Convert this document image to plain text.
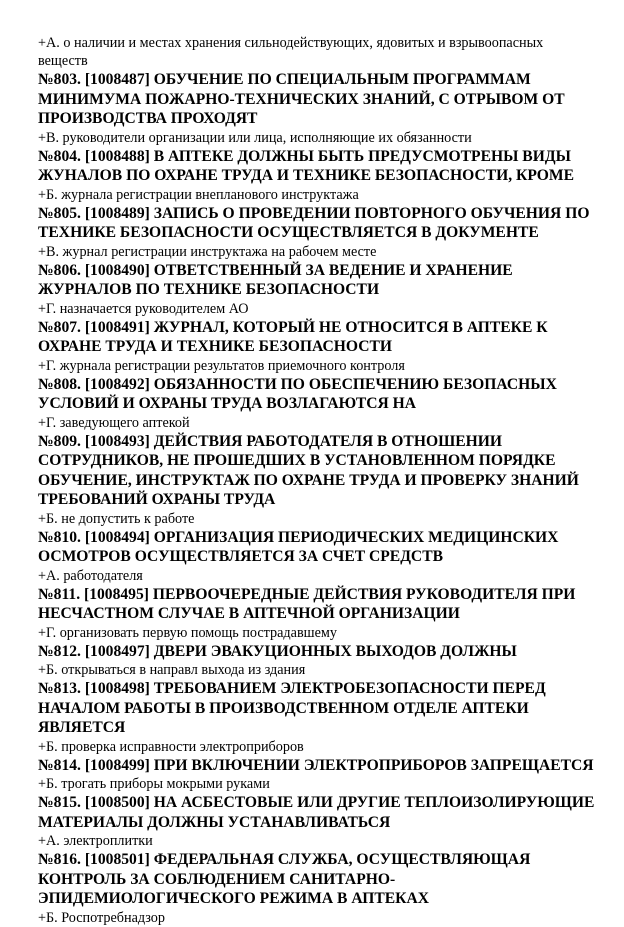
+А. о наличии и местах хранения сильнодействующих, ядовитых и взрывоопасных веществ

№803. [1008487] ОБУЧЕНИЕ ПО СПЕЦИАЛЬНЫМ ПРОГРАММАМ МИНИМУМА ПОЖАРНО-ТЕХНИЧЕСКИХ ЗНАНИЙ, С ОТРЫВОМ ОТ ПРОИЗВОДСТВА ПРОХОДЯТ

+В. руководители организации или лица, исполняющие их обязанности

№804. [1008488] В АПТЕКЕ ДОЛЖНЫ БЫТЬ ПРЕДУСМОТРЕНЫ ВИДЫ ЖУНАЛОВ ПО ОХРАНЕ ТРУДА И ТЕХНИКЕ БЕЗОПАСНОСТИ, КРОМЕ

+Б. журнала регистрации внепланового инструктажа

№805. [1008489] ЗАПИСЬ О ПРОВЕДЕНИИ ПОВТОРНОГО ОБУЧЕНИЯ ПО ТЕХНИКЕ БЕЗОПАСНОСТИ ОСУЩЕСТВЛЯЕТСЯ В ДОКУМЕНТЕ

+В. журнал регистрации инструктажа на рабочем месте

№806. [1008490] ОТВЕТСТВЕННЫЙ ЗА ВЕДЕНИЕ И ХРАНЕНИЕ ЖУРНАЛОВ ПО ТЕХНИКЕ БЕЗОПАСНОСТИ

+Г. назначается руководителем АО

№807. [1008491] ЖУРНАЛ, КОТОРЫЙ НЕ ОТНОСИТСЯ В АПТЕКЕ К ОХРАНЕ ТРУДА И ТЕХНИКЕ БЕЗОПАСНОСТИ

+Г. журнала регистрации результатов приемочного контроля

№808. [1008492] ОБЯЗАННОСТИ ПО ОБЕСПЕЧЕНИЮ БЕЗОПАСНЫХ УСЛОВИЙ И ОХРАНЫ ТРУДА ВОЗЛАГАЮТСЯ НА

+Г. заведующего аптекой

№809. [1008493] ДЕЙСТВИЯ РАБОТОДАТЕЛЯ В ОТНОШЕНИИ СОТРУДНИКОВ, НЕ ПРОШЕДШИХ В УСТАНОВЛЕННОМ ПОРЯДКЕ ОБУЧЕНИЕ, ИНСТРУКТАЖ ПО ОХРАНЕ ТРУДА И ПРОВЕРКУ ЗНАНИЙ ТРЕБОВАНИЙ ОХРАНЫ ТРУДА

+Б. не допустить к работе

№810. [1008494] ОРГАНИЗАЦИЯ ПЕРИОДИЧЕСКИХ МЕДИЦИНСКИХ ОСМОТРОВ ОСУЩЕСТВЛЯЕТСЯ ЗА СЧЕТ СРЕДСТВ

+А. работодателя

№811. [1008495] ПЕРВООЧЕРЕДНЫЕ ДЕЙСТВИЯ РУКОВОДИТЕЛЯ ПРИ НЕСЧАСТНОМ СЛУЧАЕ В АПТЕЧНОЙ ОРГАНИЗАЦИИ

+Г. организовать первую помощь пострадавшему

№812. [1008497] ДВЕРИ ЭВАКУЦИОННЫХ ВЫХОДОВ ДОЛЖНЫ

+Б. открываться в направл выхода из здания

№813. [1008498] ТРЕБОВАНИЕМ ЭЛЕКТРОБЕЗОПАСНОСТИ ПЕРЕД НАЧАЛОМ РАБОТЫ В ПРОИЗВОДСТВЕННОМ ОТДЕЛЕ АПТЕКИ ЯВЛЯЕТСЯ

+Б. проверка исправности электроприборов

№814. [1008499] ПРИ ВКЛЮЧЕНИИ ЭЛЕКТРОПРИБОРОВ ЗАПРЕЩАЕТСЯ

+Б. трогать приборы мокрыми руками

№815. [1008500] НА АСБЕСТОВЫЕ ИЛИ ДРУГИЕ ТЕПЛОИЗОЛИРУЮЩИЕ МАТЕРИАЛЫ ДОЛЖНЫ УСТАНАВЛИВАТЬСЯ

+А. электроплитки

№816. [1008501] ФЕДЕРАЛЬНАЯ СЛУЖБА, ОСУЩЕСТВЛЯЮЩАЯ КОНТРОЛЬ ЗА СОБЛЮДЕНИЕМ САНИТАРНО-ЭПИДЕМИОЛОГИЧЕСКОГО РЕЖИМА В АПТЕКАХ

+Б. Роспотребнадзор
